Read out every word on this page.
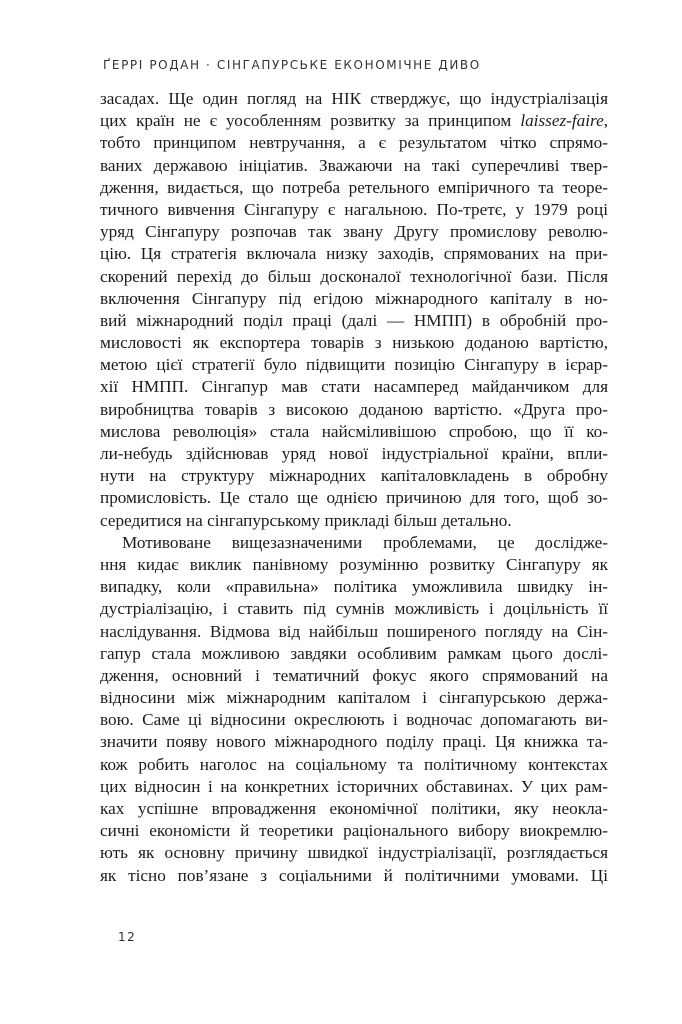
ҐЕРРІ РОДАН · СІНГАПУРСЬКЕ ЕКОНОМІЧНЕ ДИВО
засадах. Ще один погляд на НІК стверджує, що індустріалізація
цих країн не є уособленням розвитку за принципом laissez-faire,
тобто принципом невтручання, а є результатом чітко спрямо-
ваних державою ініціатив. Зважаючи на такі суперечливі твер-
дження, видається, що потреба ретельного емпіричного та теоре-
тичного вивчення Сінгапуру є нагальною. По-третє, у 1979 році
уряд Сінгапуру розпочав так звану Другу промислову револю-
цію. Ця стратегія включала низку заходів, спрямованих на при-
скорений перехід до більш досконалої технологічної бази. Після
включення Сінгапуру під егідою міжнародного капіталу в но-
вий міжнародний поділ праці (далі — НМПП) в обробній про-
мисловості як експортера товарів з низькою доданою вартістю,
метою цієї стратегії було підвищити позицію Сінгапуру в ієрар-
хії НМПП. Сінгапур мав стати насамперед майданчиком для
виробництва товарів з високою доданою вартістю. «Друга про-
мислова революція» стала найсміливішою спробою, що її ко-
ли-небудь здійснював уряд нової індустріальної країни, впли-
нути на структуру міжнародних капіталовкладень в обробну
промисловість. Це стало ще однією причиною для того, щоб зо-
середитися на сінгапурському прикладі більш детально.
Мотивоване вищезазначеними проблемами, це дослідже-
ння кидає виклик панівному розумінню розвитку Сінгапуру як
випадку, коли «правильна» політика уможливила швидку ін-
дустріалізацію, і ставить під сумнів можливість і доцільність її
наслідування. Відмова від найбільш поширеного погляду на Сін-
гапур стала можливою завдяки особливим рамкам цього дослі-
дження, основний і тематичний фокус якого спрямований на
відносини між міжнародним капіталом і сінгапурською держа-
вою. Саме ці відносини окреслюють і водночас допомагають ви-
значити появу нового міжнародного поділу праці. Ця книжка та-
кож робить наголос на соціальному та політичному контекстах
цих відносин і на конкретних історичних обставинах. У цих рам-
ках успішне впровадження економічної політики, яку неокла-
сичні економісти й теоретики раціонального вибору виокремлю-
ють як основну причину швидкої індустріалізації, розглядається
як тісно пов’язане з соціальними й політичними умовами. Ці
12
